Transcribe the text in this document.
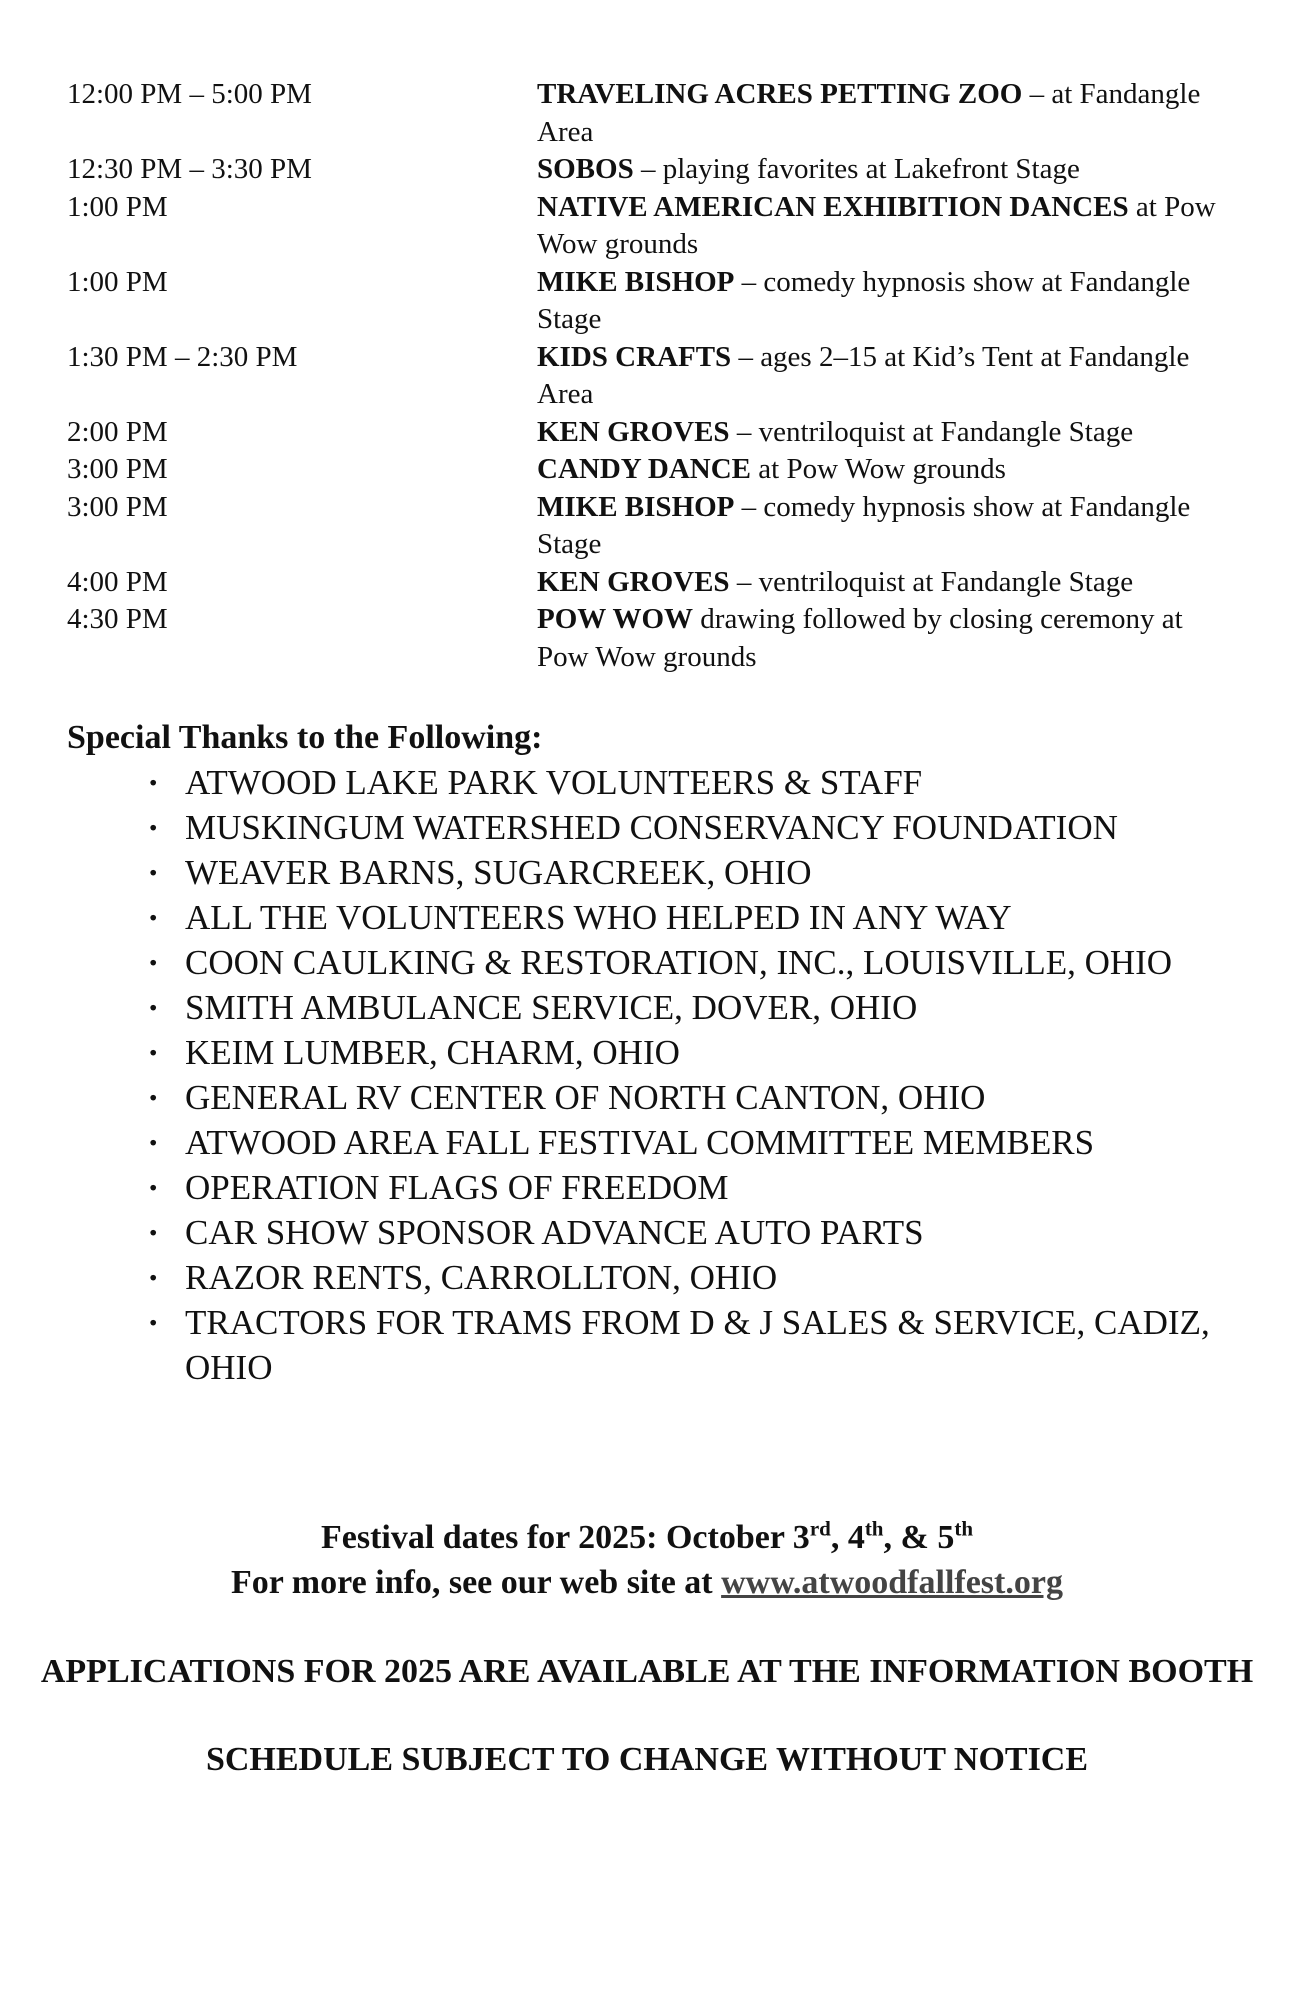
12:00 PM – 5:00 PM	TRAVELING ACRES PETTING ZOO – at Fandangle Area
12:30 PM – 3:30 PM	SOBOS – playing favorites at Lakefront Stage
1:00 PM	NATIVE AMERICAN EXHIBITION DANCES at Pow Wow grounds
1:00 PM	MIKE BISHOP – comedy hypnosis show at Fandangle Stage
1:30 PM – 2:30 PM	KIDS CRAFTS – ages 2–15 at Kid’s Tent at Fandangle Area
2:00 PM	KEN GROVES – ventriloquist at Fandangle Stage
3:00 PM	CANDY DANCE at Pow Wow grounds
3:00 PM	MIKE BISHOP – comedy hypnosis show at Fandangle Stage
4:00 PM	KEN GROVES – ventriloquist at Fandangle Stage
4:30 PM	POW WOW drawing followed by closing ceremony at Pow Wow grounds
Special Thanks to the Following:
· ATWOOD LAKE PARK VOLUNTEERS & STAFF
· MUSKINGUM WATERSHED CONSERVANCY FOUNDATION
· WEAVER BARNS, SUGARCREEK, OHIO
· ALL THE VOLUNTEERS WHO HELPED IN ANY WAY
· COON CAULKING & RESTORATION, INC., LOUISVILLE, OHIO
· SMITH AMBULANCE SERVICE, DOVER, OHIO
· KEIM LUMBER, CHARM, OHIO
· GENERAL RV CENTER OF NORTH CANTON, OHIO
· ATWOOD AREA FALL FESTIVAL COMMITTEE MEMBERS
· OPERATION FLAGS OF FREEDOM
· CAR SHOW SPONSOR ADVANCE AUTO PARTS
· RAZOR RENTS, CARROLLTON, OHIO
· TRACTORS FOR TRAMS FROM D & J SALES & SERVICE, CADIZ, OHIO

Festival dates for 2025: October 3rd, 4th, & 5th

For more info, see our web site at www.atwoodfallfest.org

APPLICATIONS FOR 2025 ARE AVAILABLE AT THE INFORMATION BOOTH

SCHEDULE SUBJECT TO CHANGE WITHOUT NOTICE
